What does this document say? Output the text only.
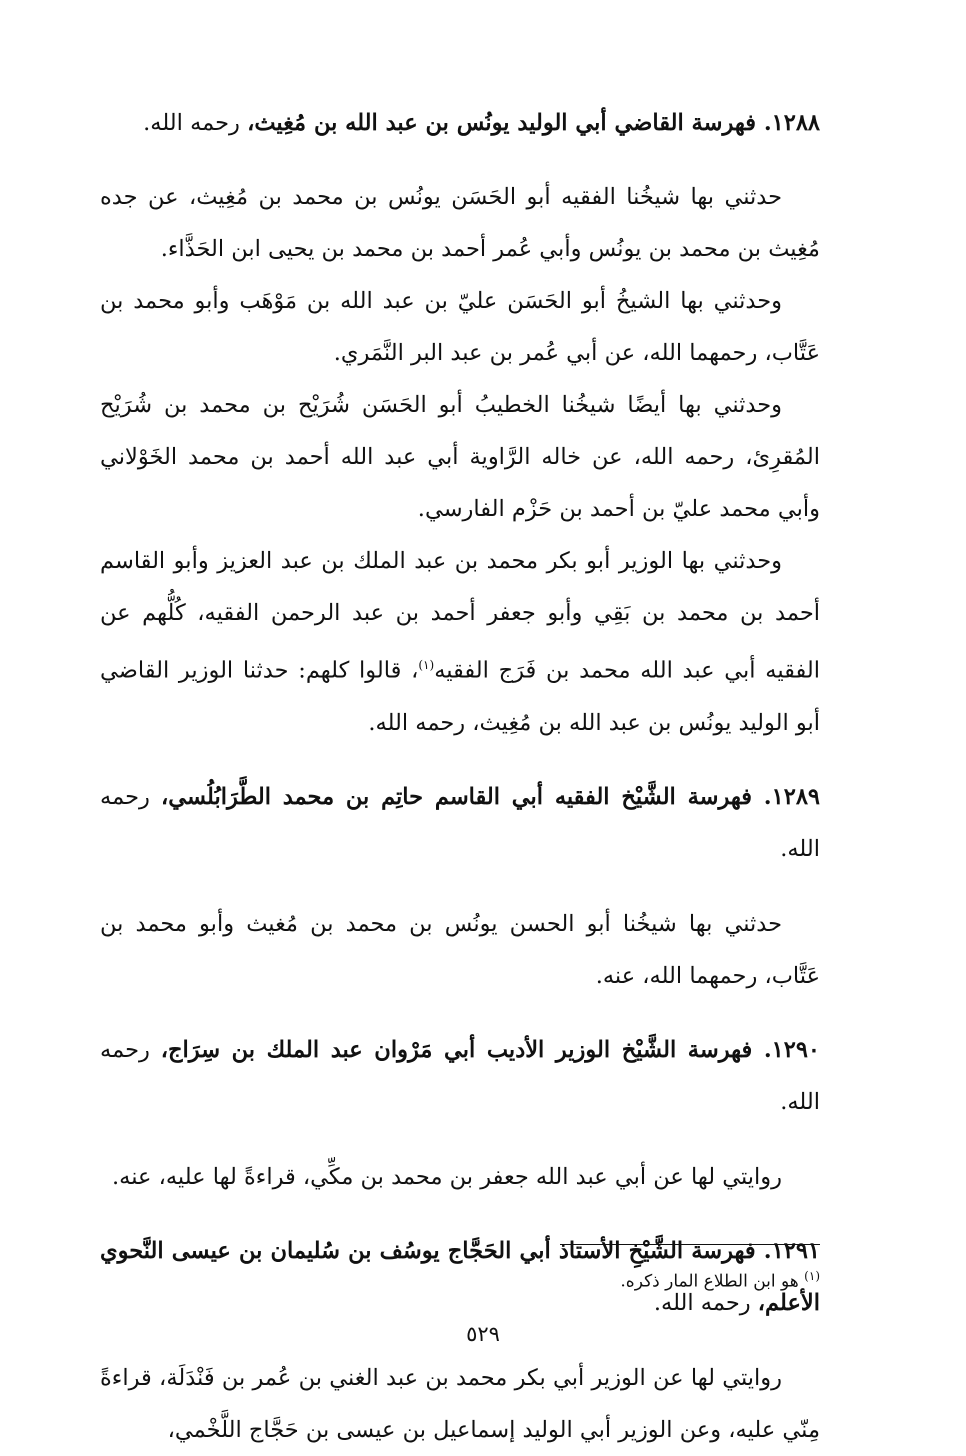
١٢٨٨. فهرسة القاضي أبي الوليد يونُس بن عبد الله بن مُغِيث، رحمه الله.

حدثني بها شيخُنا الفقيه أبو الحَسَن يونُس بن محمد بن مُغِيث، عن جده مُغِيث بن محمد بن يونُس وأبي عُمر أحمد بن محمد بن يحيى ابن الحَذَّاء.

وحدثني بها الشيخُ أبو الحَسَن عليّ بن عبد الله بن مَوْهَب وأبو محمد بن عَتَّاب، رحمهما الله، عن أبي عُمر بن عبد البر النَّمَري.

وحدثني بها أيضًا شيخُنا الخطيبُ أبو الحَسَن شُرَيْح بن محمد بن شُرَيْح المُقرِئ، رحمه الله، عن خاله الرَّاوية أبي عبد الله أحمد بن محمد الخَوْلاني وأبي محمد عليّ بن أحمد بن حَزْم الفارسي.

وحدثني بها الوزير أبو بكر محمد بن عبد الملك بن عبد العزيز وأبو القاسم أحمد بن محمد بن بَقِي وأبو جعفر أحمد بن عبد الرحمن الفقيه، كُلُّهم عن الفقيه أبي عبد الله محمد بن فَرَج الفقيه$^{(١)}$، قالوا كلهم: حدثنا الوزير القاضي أبو الوليد يونُس بن عبد الله بن مُغِيث، رحمه الله.

١٢٨٩. فهرسة الشَّيْخ الفقيه أبي القاسم حاتِم بن محمد الطَّرَابُلُسي، رحمه الله.

حدثني بها شيخُنا أبو الحسن يونُس بن محمد بن مُغيث وأبو محمد بن عَتَّاب، رحمهما الله، عنه.

١٢٩٠. فهرسة الشَّيْخ الوزير الأديب أبي مَرْوان عبد الملك بن سِرَاج، رحمه الله.

روايتي لها عن أبي عبد الله جعفر بن محمد بن مكِّي، قراءةً لها عليه، عنه.

١٢٩١. فهرسة الشَّيْخِ الأستاذ أبي الحَجَّاج يوسُف بن سُليمان بن عيسى النَّحوي الأعلم، رحمه الله.

روايتي لها عن الوزير أبي بكر محمد بن عبد الغني بن عُمر بن فَنْدَلَة، قراءةً مِنّي عليه، وعن الوزير أبي الوليد إسماعيل بن عيسى بن حَجَّاج اللَّخْمي،

$^{(١)}$ هو ابن الطلاع المار ذكره.
٥٢٩
